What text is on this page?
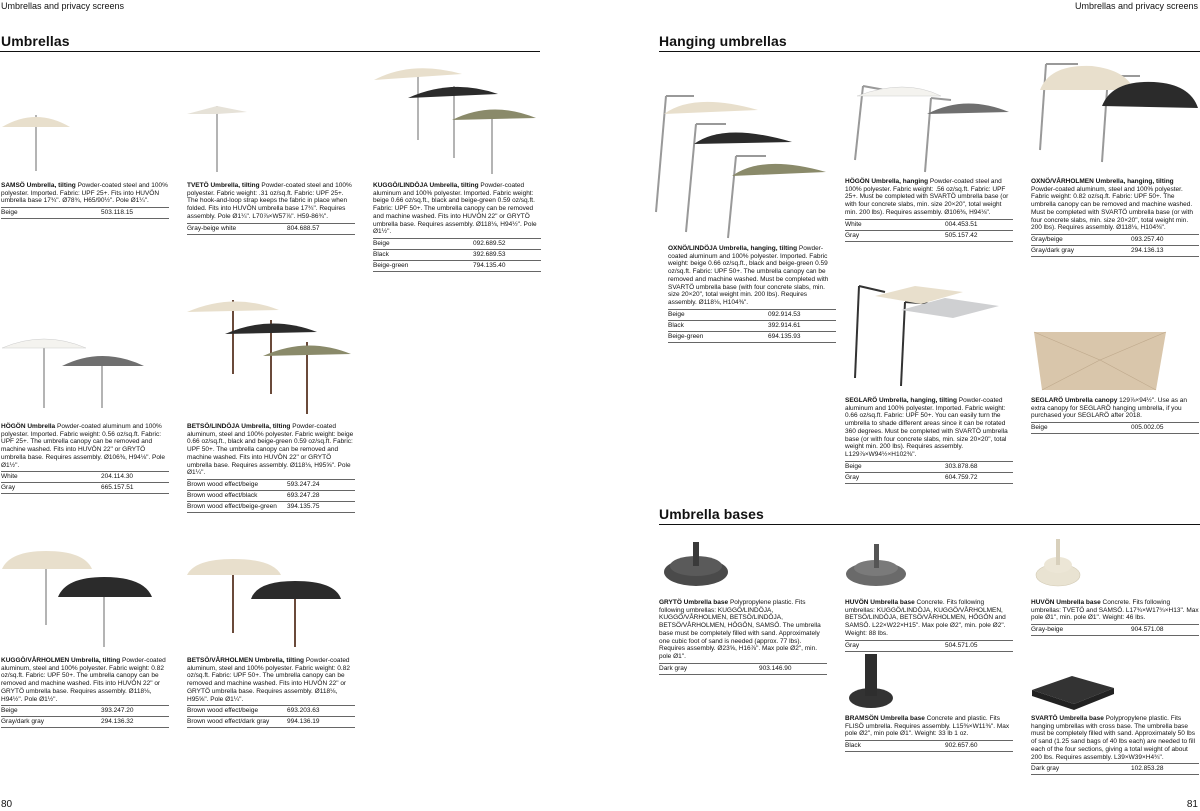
Umbrellas and privacy screens	Umbrellas and privacy screens
Umbrellas	Hanging umbrellas
Umbrella bases
SAMSÖ Umbrella, tilting Powder-coated steel and 100% polyester. Imported. Fabric: UPF 25+. Fits into HUVÖN umbrella base 17¾". Ø78¾, H65/90½". Pole Ø1¼".
Beige	503.118.15
TVETÖ Umbrella, tilting Powder-coated steel and 100% polyester. Fabric weight: .31 oz/sq.ft. Fabric: UPF 25+. The hook-and-loop strap keeps the fabric in place when folded. Fits into HUVÖN umbrella base 17¾". Requires assembly. Pole Ø1¼". L70⅞×W57⅞". H59-86¾".
Gray-beige white	804.688.57
KUGGÖ/LINDÖJA Umbrella, tilting Powder-coated aluminum and 100% polyester. Imported. Fabric weight: beige 0.66 oz/sq.ft., black and beige-green 0.59 oz/sq.ft. Fabric: UPF 50+. The umbrella canopy can be removed and machine washed. Fits into HUVÖN 22" or GRYTÖ umbrella base. Requires assembly. Ø118⅛, H94½". Pole Ø1½".
Beige	092.689.52
Black	392.689.53
Beige-green	794.135.40
HÖGÖN Umbrella Powder-coated aluminum and 100% polyester. Imported. Fabric weight: 0.56 oz/sq.ft. Fabric: UPF 25+. The umbrella canopy can be removed and machine washed. Fits into HUVÖN 22" or GRYTÖ umbrella base. Requires assembly. Ø106⅜, H94⅛". Pole Ø1½".
White	204.114.30
Gray	665.157.51
BETSÖ/LINDÖJA Umbrella, tilting Powder-coated aluminum, steel and 100% polyester. Fabric weight: beige 0.66 oz/sq.ft., black and beige-green 0.59 oz/sq.ft. Fabric: UPF 50+. The umbrella canopy can be removed and machine washed. Fits into HUVÖN 22" or GRYTÖ umbrella base. Requires assembly. Ø118⅛, H95⅝". Pole Ø1¼".
Brown wood effect/beige	593.247.24
Brown wood effect/black	693.247.28
Brown wood effect/beige-green 394.135.75
KUGGÖ/VÅRHOLMEN Umbrella, tilting Powder-coated aluminum, steel and 100% polyester. Fabric weight: 0.82 oz/sq.ft. Fabric: UPF 50+. The umbrella canopy can be removed and machine washed. Fits into HUVÖN 22" or GRYTÖ umbrella base. Requires assembly. Ø118⅛, H94½". Pole Ø1½".
Beige	393.247.20
Gray/dark gray	294.136.32
BETSÖ/VÅRHOLMEN Umbrella, tilting Powder-coated aluminum, steel and 100% polyester. Fabric weight: 0.82 oz/sq.ft. Fabric: UPF 50+. The umbrella canopy can be removed and machine washed. Fits into HUVÖN 22" or GRYTÖ umbrella base. Requires assembly. Ø118⅛, H95⅝". Pole Ø1¼".
Brown wood effect/beige	693.203.63
Brown wood effect/dark gray	994.136.19
OXNÖ/LINDÖJA Umbrella, hanging, tilting Powder-coated aluminum and 100% polyester. Imported. Fabric weight: beige 0.66 oz/sq.ft., black and beige-green 0.59 oz/sq.ft. Fabric: UPF 50+. The umbrella canopy can be removed and machine washed. Must be completed with SVARTÖ umbrella base (with four concrete slabs, min. size 20×20", total weight min. 200 lbs). Requires assembly. Ø118⅛, H104⅜".
Beige	092.914.53
Black	392.914.61
Beige-green	694.135.93
HÖGÖN Umbrella, hanging Powder-coated steel and 100% polyester. Fabric weight: .56 oz/sq.ft. Fabric: UPF 25+. Must be completed with SVARTÖ umbrella base (or with four concrete slabs, min. size 20×20", total weight min. 200 lbs). Requires assembly. Ø106⅜, H94⅛".
White	004.453.51
Gray	505.157.42
OXNÖ/VÅRHOLMEN Umbrella, hanging, tilting Powder-coated aluminum, steel and 100% polyester. Fabric weight: 0.82 oz/sq.ft. Fabric: UPF 50+. The umbrella canopy can be removed and machine washed. Must be completed with SVARTÖ umbrella base (or with four concrete slabs, min. size 20×20", total weight min. 200 lbs). Requires assembly. Ø118⅛, H104⅜".
Gray/beige	093.257.40
Gray/dark gray	294.136.13
SEGLARÖ Umbrella, hanging, tilting Powder-coated aluminum and 100% polyester. Imported. Fabric weight: 0.66 oz/sq.ft. Fabric: UPF 50+. You can easily turn the umbrella to shade different areas since it can be rotated 360 degrees. Must be completed with SVARTÖ umbrella base (or with four concrete slabs, min. size 20×20", total weight min. 200 lbs). Requires assembly. L129⅞×W94½×H102⅜".
Beige	303.878.68
Gray	604.759.72
SEGLARÖ Umbrella canopy 129⅞×94½". Use as an extra canopy for SEGLARÖ hanging umbrella, if you purchased your SEGLARÖ after 2018.
Beige	005.002.05
GRYTÖ Umbrella base Polypropylene plastic. Fits following umbrellas: KUGGÖ/LINDÖJA, KUGGÖ/VÅRHOLMEN, BETSÖ/LINDÖJA, BETSÖ/VÅRHOLMEN, HÖGÖN, SAMSÖ. The umbrella base must be completely filled with sand. Approximately one cubic foot of sand is needed (approx. 77 lbs). Requires assembly. Ø23⅝, H16⅞". Max pole Ø2", min. pole Ø1".
Dark gray	903.146.90
HUVÖN Umbrella base Concrete. Fits following umbrellas: KUGGÖ/LINDÖJA, KUGGÖ/VÅRHOLMEN, BETSÖ/LINDÖJA, BETSÖ/VÅRHOLMEN, HÖGÖN and SAMSÖ. L22×W22×H15". Max pole Ø2", min. pole Ø2". Weight: 88 lbs.
Gray	504.571.05
HUVÖN Umbrella base Concrete. Fits following umbrellas: TVETÖ and SAMSÖ. L17¾×W17¾×H13". Max pole Ø1", min. pole Ø1". Weight: 46 lbs.
Gray-beige	904.571.08
BRAMSÖN Umbrella base Concrete and plastic. Fits FLISÖ umbrella. Requires assembly. L15⅜×W11⅜". Max pole Ø2", min pole Ø1". Weight: 33 lb 1 oz.
Black	902.657.60
SVARTÖ Umbrella base Polypropylene plastic. Fits hanging umbrellas with cross base. The umbrella base must be completely filled with sand. Approximately 50 lbs of sand (1.25 sand bags of 40 lbs each) are needed to fill each of the four sections, giving a total weight of about 200 lbs. Requires assembly. L39×W39×H4¾".
Dark gray	102.853.28
80	81
